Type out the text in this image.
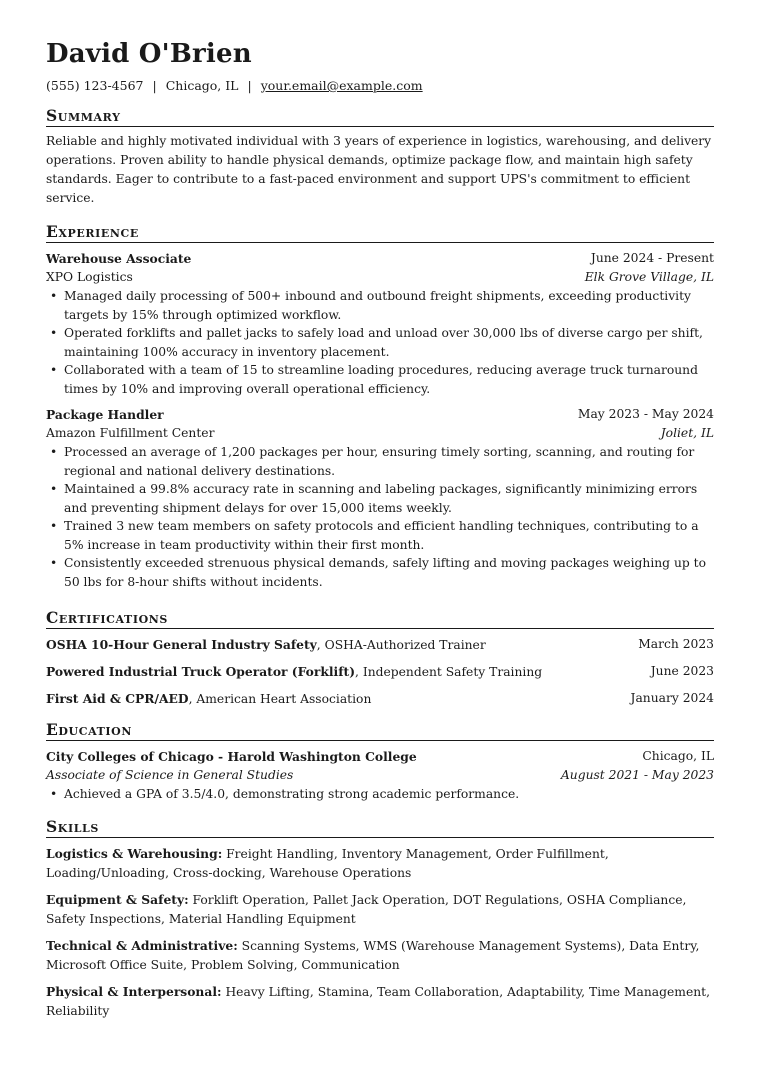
David O'Brien
(555) 123-4567 | Chicago, IL | your.email@example.com
Summary
Reliable and highly motivated individual with 3 years of experience in logistics, warehousing, and delivery operations. Proven ability to handle physical demands, optimize package flow, and maintain high safety standards. Eager to contribute to a fast-paced environment and support UPS's commitment to efficient service.
Experience
Warehouse Associate	June 2024 - Present
XPO Logistics	Elk Grove Village, IL
• Managed daily processing of 500+ inbound and outbound freight shipments, exceeding productivity targets by 15% through optimized workflow.
• Operated forklifts and pallet jacks to safely load and unload over 30,000 lbs of diverse cargo per shift, maintaining 100% accuracy in inventory placement.
• Collaborated with a team of 15 to streamline loading procedures, reducing average truck turnaround times by 10% and improving overall operational efficiency.
Package Handler	May 2023 - May 2024
Amazon Fulfillment Center	Joliet, IL
• Processed an average of 1,200 packages per hour, ensuring timely sorting, scanning, and routing for regional and national delivery destinations.
• Maintained a 99.8% accuracy rate in scanning and labeling packages, significantly minimizing errors and preventing shipment delays for over 15,000 items weekly.
• Trained 3 new team members on safety protocols and efficient handling techniques, contributing to a 5% increase in team productivity within their first month.
• Consistently exceeded strenuous physical demands, safely lifting and moving packages weighing up to 50 lbs for 8-hour shifts without incidents.
Certifications
OSHA 10-Hour General Industry Safety, OSHA-Authorized Trainer	March 2023
Powered Industrial Truck Operator (Forklift), Independent Safety Training	June 2023
First Aid & CPR/AED, American Heart Association	January 2024
Education
City Colleges of Chicago - Harold Washington College	Chicago, IL
Associate of Science in General Studies	August 2021 - May 2023
• Achieved a GPA of 3.5/4.0, demonstrating strong academic performance.
Skills
Logistics & Warehousing: Freight Handling, Inventory Management, Order Fulfillment, Loading/Unloading, Cross-docking, Warehouse Operations
Equipment & Safety: Forklift Operation, Pallet Jack Operation, DOT Regulations, OSHA Compliance, Safety Inspections, Material Handling Equipment
Technical & Administrative: Scanning Systems, WMS (Warehouse Management Systems), Data Entry, Microsoft Office Suite, Problem Solving, Communication
Physical & Interpersonal: Heavy Lifting, Stamina, Team Collaboration, Adaptability, Time Management, Reliability
